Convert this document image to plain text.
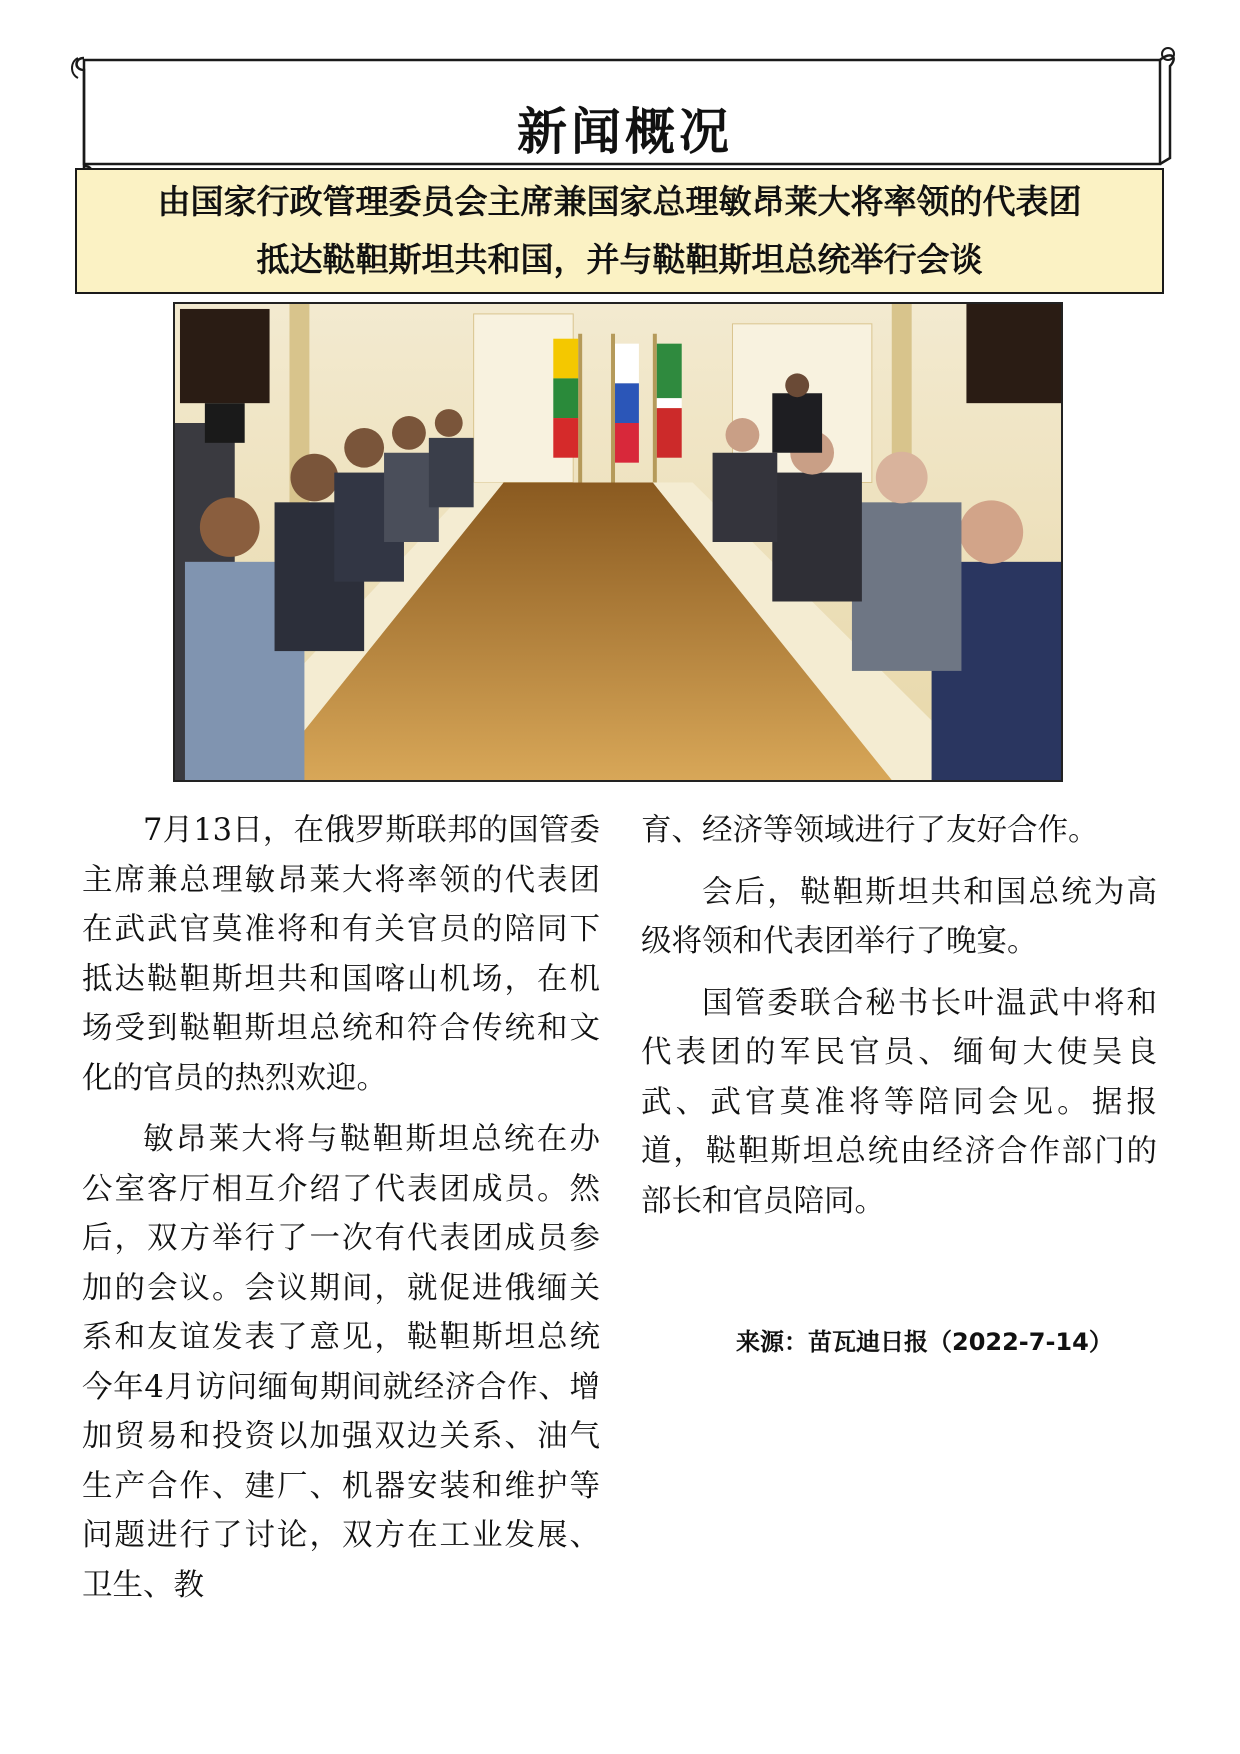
新闻概况
由国家行政管理委员会主席兼国家总理敏昂莱大将率领的代表团
抵达鞑靼斯坦共和国，并与鞑靼斯坦总统举行会谈

7月13日，在俄罗斯联邦的国管委主席兼总理敏昂莱大将率领的代表团在武武官莫准将和有关官员的陪同下抵达鞑靼斯坦共和国喀山机场，在机场受到鞑靼斯坦总统和符合传统和文化的官员的热烈欢迎。

敏昂莱大将与鞑靼斯坦总统在办公室客厅相互介绍了代表团成员。然后，双方举行了一次有代表团成员参加的会议。会议期间，就促进俄缅关系和友谊发表了意见，鞑靼斯坦总统今年4月访问缅甸期间就经济合作、增加贸易和投资以加强双边关系、油气生产合作、建厂、机器安装和维护等问题进行了讨论，双方在工业发展、卫生、教

育、经济等领域进行了友好合作。

会后，鞑靼斯坦共和国总统为高级将领和代表团举行了晚宴。

国管委联合秘书长叶温武中将和代表团的军民官员、缅甸大使吴良武、武官莫准将等陪同会见。据报道，鞑靼斯坦总统由经济合作部门的部长和官员陪同。

来源：苗瓦迪日报（2022-7-14）
